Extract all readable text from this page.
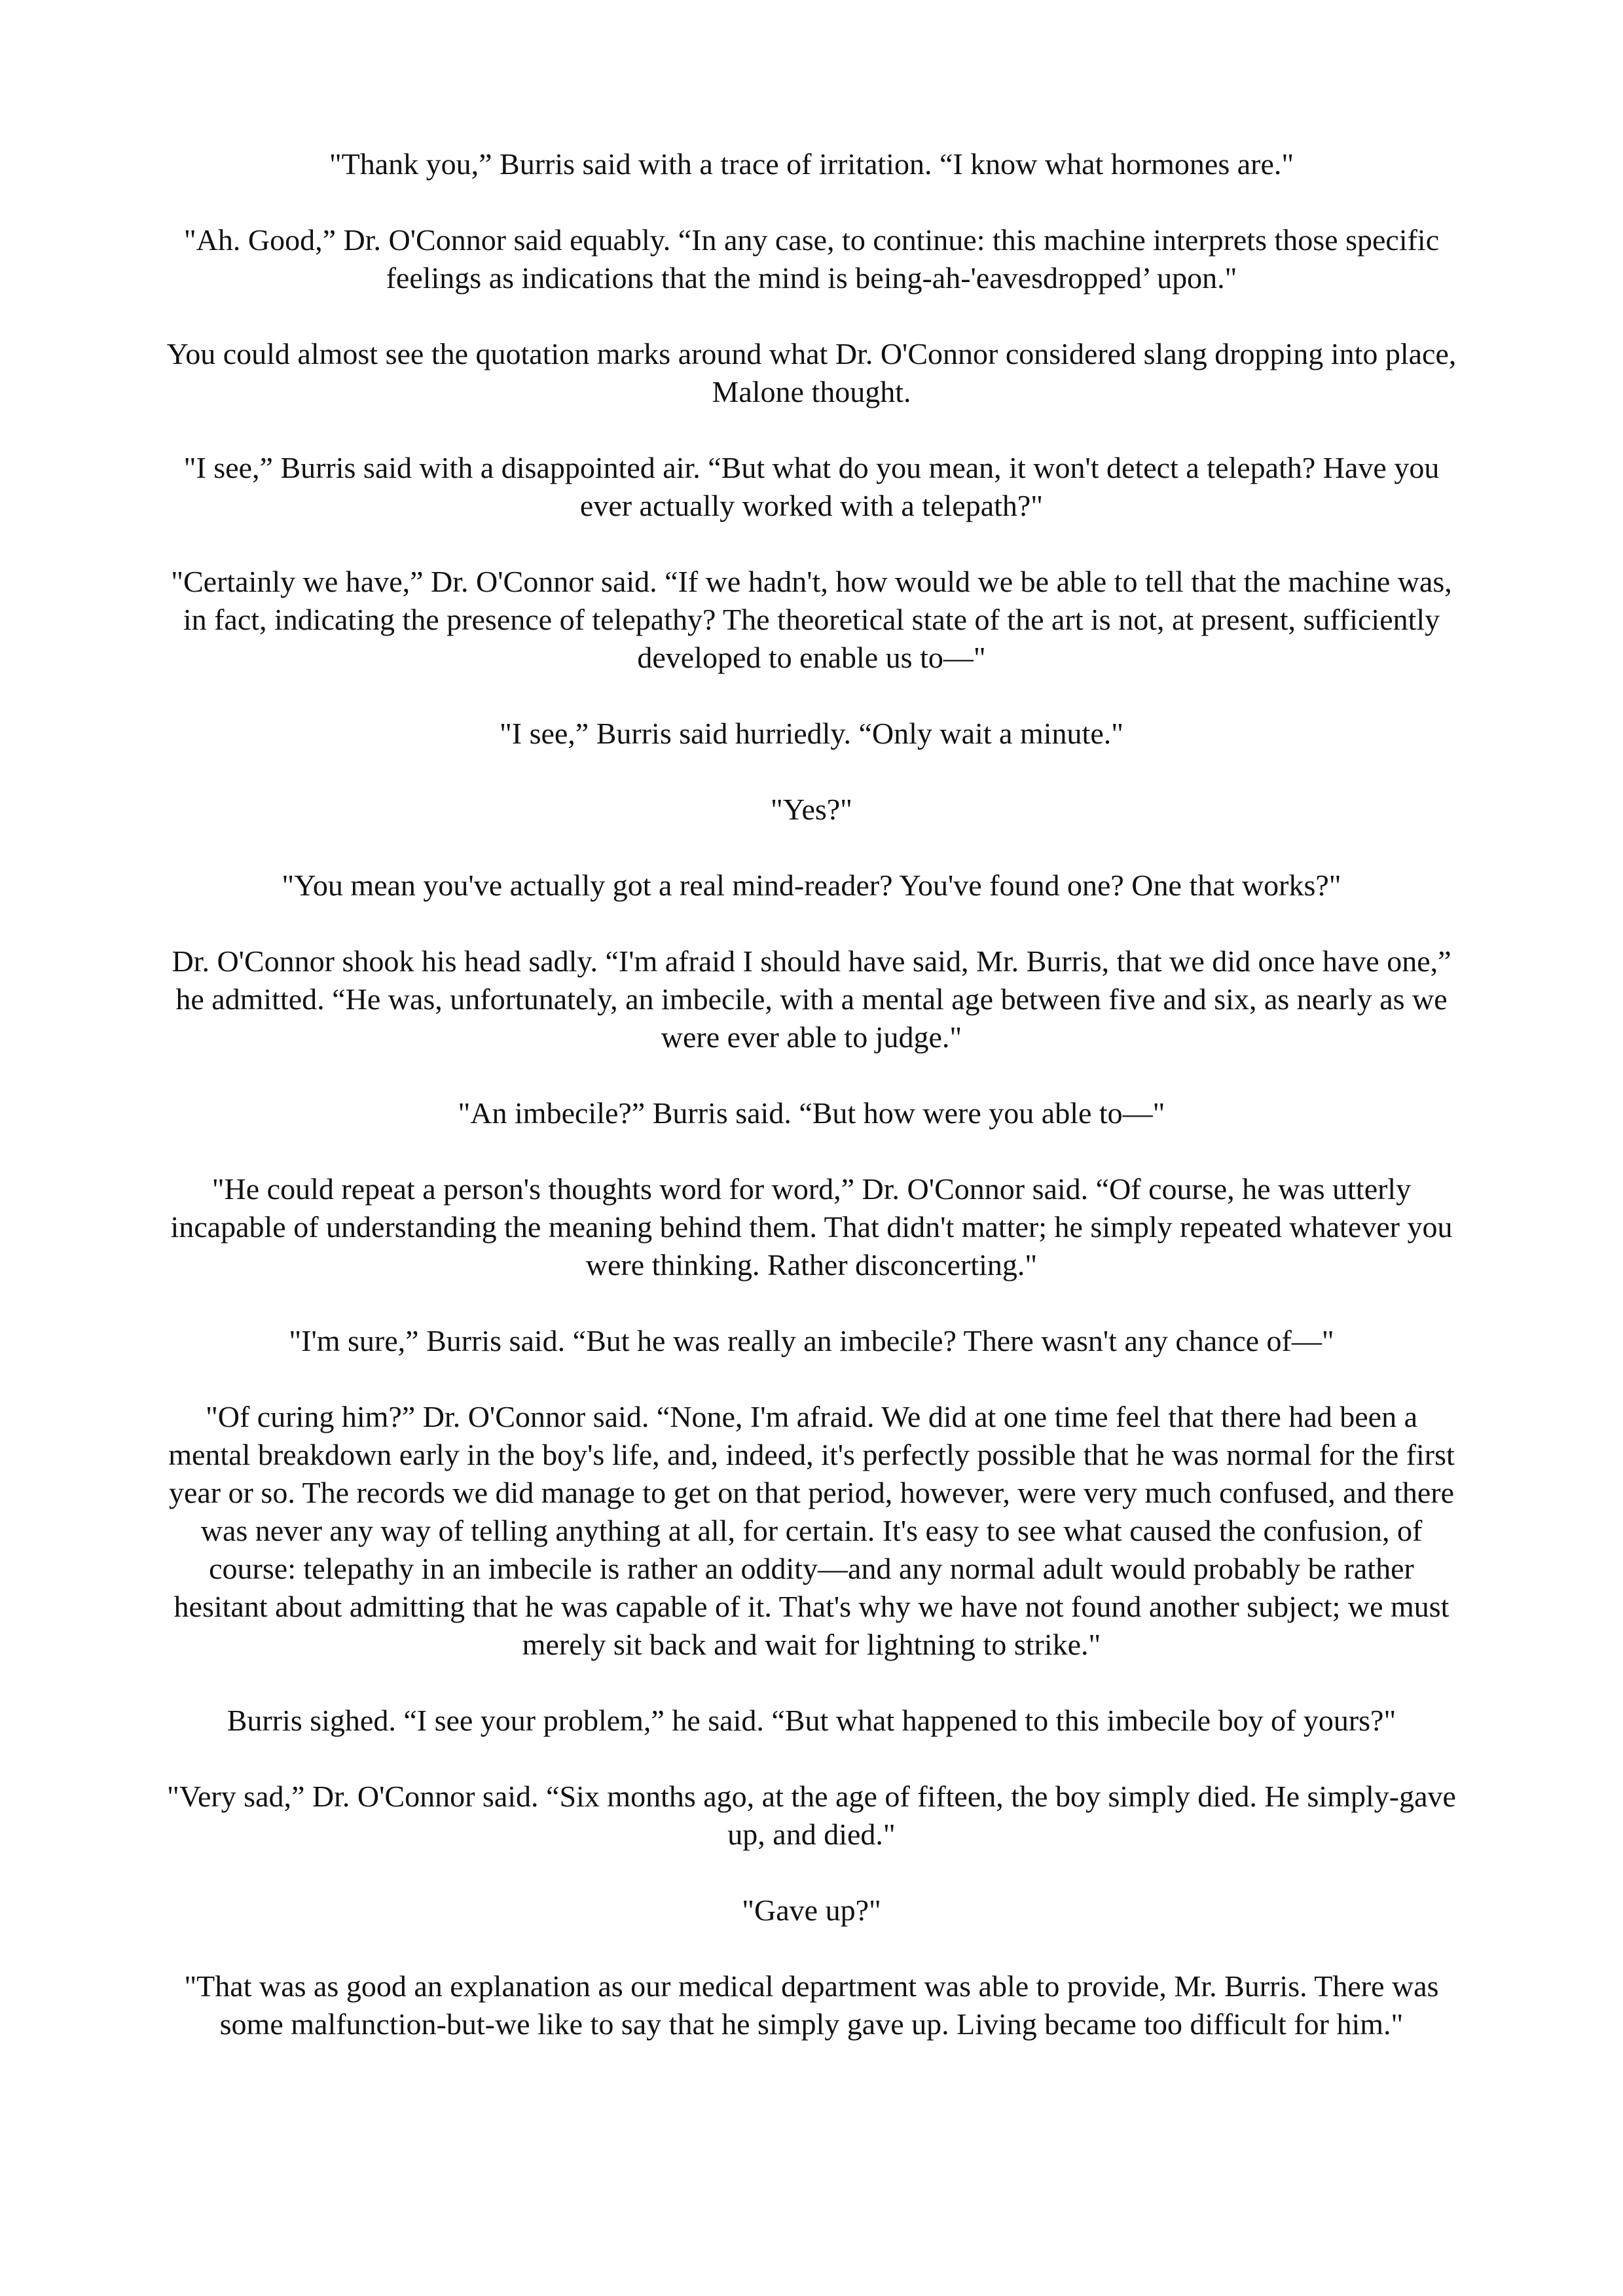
"Thank you,” Burris said with a trace of irritation. “I know what hormones are."

"Ah. Good,” Dr. O'Connor said equably. “In any case, to continue: this machine interprets those specific feelings as indications that the mind is being-ah-'eavesdropped’ upon."

You could almost see the quotation marks around what Dr. O'Connor considered slang dropping into place, Malone thought.

"I see,” Burris said with a disappointed air. “But what do you mean, it won't detect a telepath? Have you ever actually worked with a telepath?"

"Certainly we have,” Dr. O'Connor said. “If we hadn't, how would we be able to tell that the machine was, in fact, indicating the presence of telepathy? The theoretical state of the art is not, at present, sufficiently developed to enable us to—"

"I see,” Burris said hurriedly. “Only wait a minute."

"Yes?"

"You mean you've actually got a real mind-reader? You've found one? One that works?"

Dr. O'Connor shook his head sadly. “I'm afraid I should have said, Mr. Burris, that we did once have one,” he admitted. “He was, unfortunately, an imbecile, with a mental age between five and six, as nearly as we were ever able to judge."

"An imbecile?” Burris said. “But how were you able to—"

"He could repeat a person's thoughts word for word,” Dr. O'Connor said. “Of course, he was utterly incapable of understanding the meaning behind them. That didn't matter; he simply repeated whatever you were thinking. Rather disconcerting."

"I'm sure,” Burris said. “But he was really an imbecile? There wasn't any chance of—"

"Of curing him?” Dr. O'Connor said. “None, I'm afraid. We did at one time feel that there had been a mental breakdown early in the boy's life, and, indeed, it's perfectly possible that he was normal for the first year or so. The records we did manage to get on that period, however, were very much confused, and there was never any way of telling anything at all, for certain. It's easy to see what caused the confusion, of course: telepathy in an imbecile is rather an oddity—and any normal adult would probably be rather hesitant about admitting that he was capable of it. That's why we have not found another subject; we must merely sit back and wait for lightning to strike."

Burris sighed. “I see your problem,” he said. “But what happened to this imbecile boy of yours?"

"Very sad,” Dr. O'Connor said. “Six months ago, at the age of fifteen, the boy simply died. He simply-gave up, and died."

"Gave up?"

"That was as good an explanation as our medical department was able to provide, Mr. Burris. There was some malfunction-but-we like to say that he simply gave up. Living became too difficult for him."
